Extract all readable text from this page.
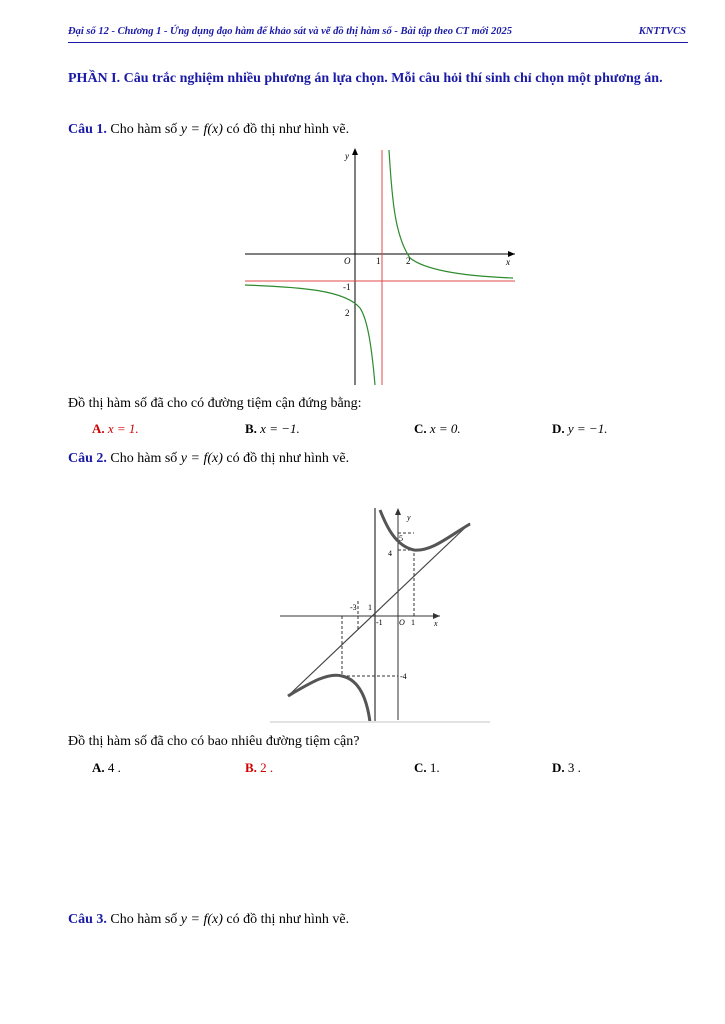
Đại số 12 - Chương 1 - Ứng dụng đạo hàm để khảo sát và vẽ đồ thị hàm số - Bài tập theo CT mới 2025	KNTTVCS
PHẦN I. Câu trắc nghiệm nhiều phương án lựa chọn. Mỗi câu hỏi thí sinh chỉ chọn một phương án.
Câu 1. Cho hàm số y = f(x) có đồ thị như hình vẽ.
y
x
O	1	2
-1
2
Đồ thị hàm số đã cho có đường tiệm cận đứng bằng:
A. x = 1.	B. x = −1.	C. x = 0.	D. y = −1.
Câu 2. Cho hàm số y = f(x) có đồ thị như hình vẽ.
y
x
5
4
-3 1
-1 O 1
-4
Đồ thị hàm số đã cho có bao nhiêu đường tiệm cận?
A. 4 .	B. 2 .	C. 1.	D. 3 .
Câu 3. Cho hàm số y = f(x) có đồ thị như hình vẽ.
